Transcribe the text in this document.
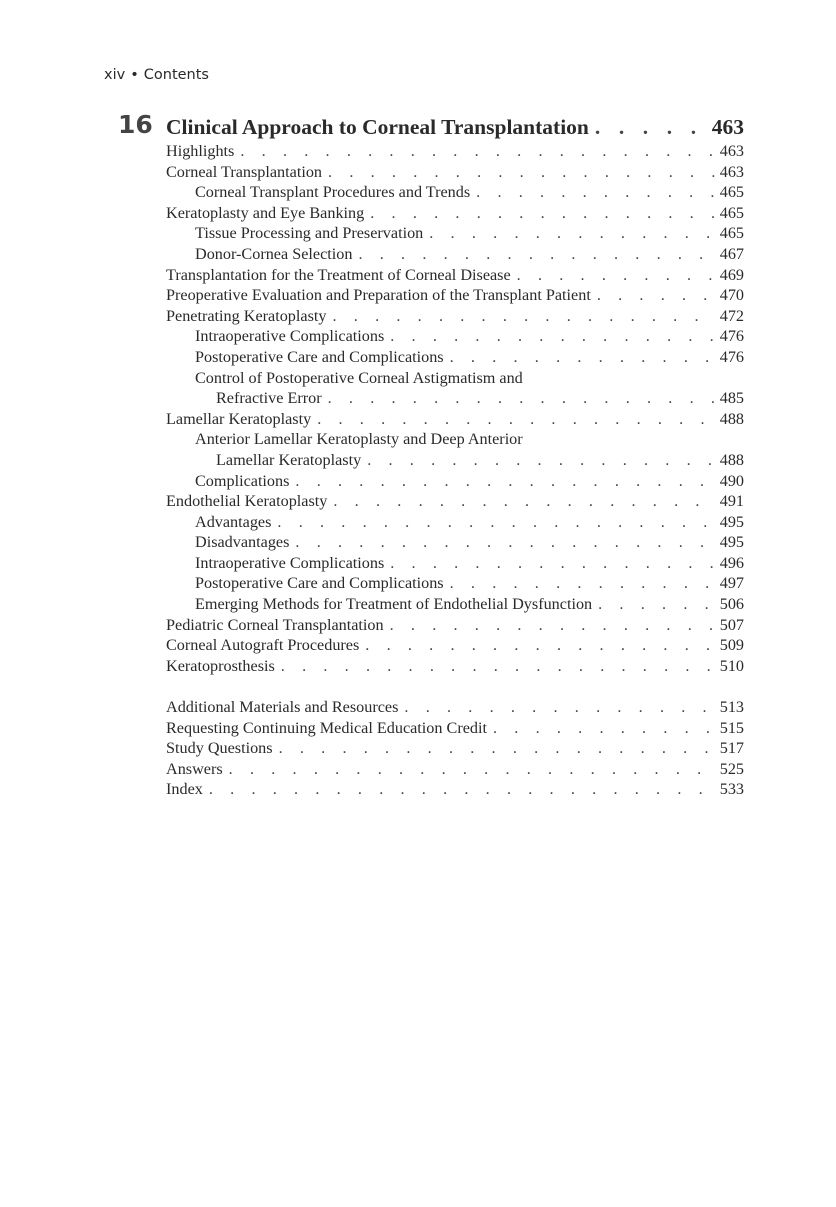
xiv • Contents
16 Clinical Approach to Corneal Transplantation . . .	463
Highlights . . .	463
Corneal Transplantation . . .	463
Corneal Transplant Procedures and Trends . . .	465
Keratoplasty and Eye Banking . . .	465
Tissue Processing and Preservation . . .	465
Donor-Cornea Selection . . .	467
Transplantation for the Treatment of Corneal Disease . . .	469
Preoperative Evaluation and Preparation of the Transplant Patient . . .	470
Penetrating Keratoplasty . . .	472
Intraoperative Complications . . .	476
Postoperative Care and Complications . . .	476
Control of Postoperative Corneal Astigmatism and
Refractive Error . . .	485
Lamellar Keratoplasty . . .	488
Anterior Lamellar Keratoplasty and Deep Anterior
Lamellar Keratoplasty . . .	488
Complications . . .	490
Endothelial Keratoplasty . . .	491
Advantages . . .	495
Disadvantages . . .	495
Intraoperative Complications . . .	496
Postoperative Care and Complications . . .	497
Emerging Methods for Treatment of Endothelial Dysfunction . . .	506
Pediatric Corneal Transplantation . . .	507
Corneal Autograft Procedures . . .	509
Keratoprosthesis . . .	510
Additional Materials and Resources . . .	513
Requesting Continuing Medical Education Credit . . .	515
Study Questions . . .	517
Answers . . .	525
Index . . .	533
